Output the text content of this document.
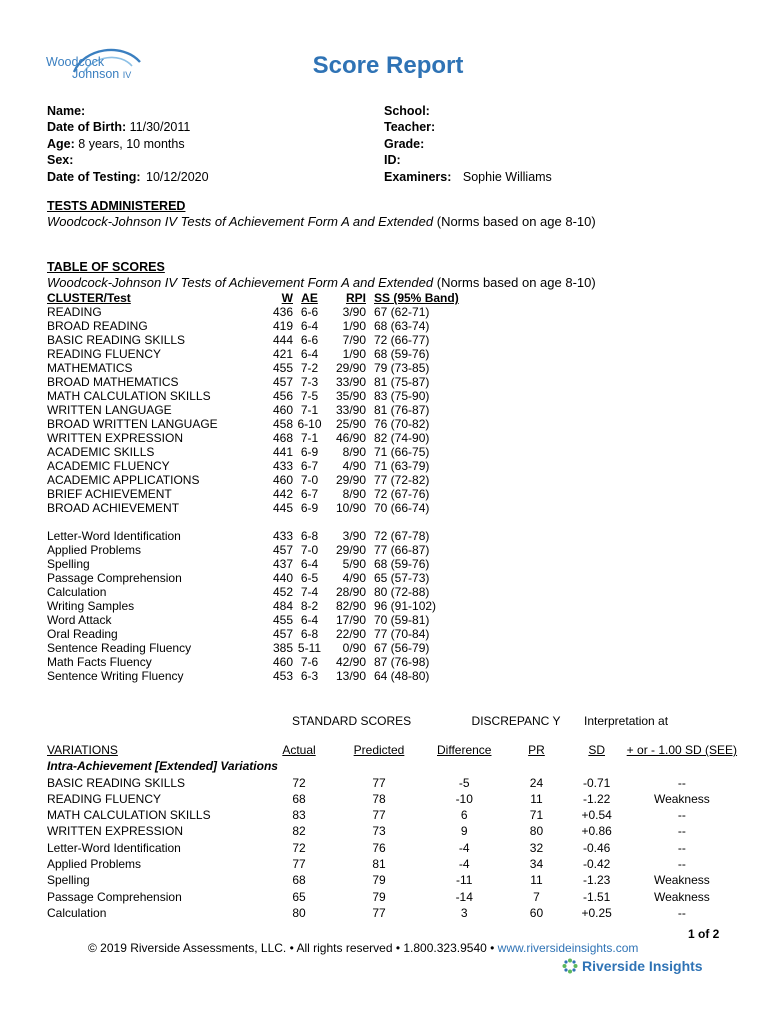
Woodcock
Johnson IV	Score Report
Name:
Date of Birth: 11/30/2011
Age: 8 years, 10 months
Sex:
Date of Testing: 10/12/2020
School:
Teacher:
Grade:
ID:
Examiners: Sophie Williams
TESTS ADMINISTERED
Woodcock-Johnson IV Tests of Achievement Form A and Extended (Norms based on age 8-10)
TABLE OF SCORES
Woodcock-Johnson IV Tests of Achievement Form A and Extended (Norms based on age 8-10)
CLUSTER/Test	W	AE	RPI	SS (95% Band)
READING	436	6-6	3/90	67 (62-71)
BROAD READING	419	6-4	1/90	68 (63-74)
BASIC READING SKILLS	444	6-6	7/90	72 (66-77)
READING FLUENCY	421	6-4	1/90	68 (59-76)
MATHEMATICS	455	7-2	29/90	79 (73-85)
BROAD MATHEMATICS	457	7-3	33/90	81 (75-87)
MATH CALCULATION SKILLS	456	7-5	35/90	83 (75-90)
WRITTEN LANGUAGE	460	7-1	33/90	81 (76-87)
BROAD WRITTEN LANGUAGE	458	6-10	25/90	76 (70-82)
WRITTEN EXPRESSION	468	7-1	46/90	82 (74-90)
ACADEMIC SKILLS	441	6-9	8/90	71 (66-75)
ACADEMIC FLUENCY	433	6-7	4/90	71 (63-79)
ACADEMIC APPLICATIONS	460	7-0	29/90	77 (72-82)
BRIEF ACHIEVEMENT	442	6-7	8/90	72 (67-76)
BROAD ACHIEVEMENT	445	6-9	10/90	70 (66-74)

Letter-Word Identification	433	6-8	3/90	72 (67-78)
Applied Problems	457	7-0	29/90	77 (66-87)
Spelling	437	6-4	5/90	68 (59-76)
Passage Comprehension	440	6-5	4/90	65 (57-73)
Calculation	452	7-4	28/90	80 (72-88)
Writing Samples	484	8-2	82/90	96 (91-102)
Word Attack	455	6-4	17/90	70 (59-81)
Oral Reading	457	6-8	22/90	77 (70-84)
Sentence Reading Fluency	385	5-11	0/90	67 (56-79)
Math Facts Fluency	460	7-6	42/90	87 (76-98)
Sentence Writing Fluency	453	6-3	13/90	64 (48-80)
STANDARD SCORES	DISCREPANC Y Interpretation at
VARIATIONS	Actual	Predicted	Difference	PR	SD	+ or - 1.00 SD (SEE)
Intra-Achievement [Extended] Variations						
BASIC READING SKILLS	72	77	-5	24	-0.71	--
READING FLUENCY	68	78	-10	11	-1.22	Weakness
MATH CALCULATION SKILLS	83	77	6	71	+0.54	--
WRITTEN EXPRESSION	82	73	9	80	+0.86	--
Letter-Word Identification	72	76	-4	32	-0.46	--
Applied Problems	77	81	-4	34	-0.42	--
Spelling	68	79	-11	11	-1.23	Weakness
Passage Comprehension	65	79	-14	7	-1.51	Weakness
Calculation	80	77	3	60	+0.25	--
1 of 2
© 2019 Riverside Assessments, LLC. • All rights reserved • 1.800.323.9540 • www.riversideinsights.com
Riverside Insights
